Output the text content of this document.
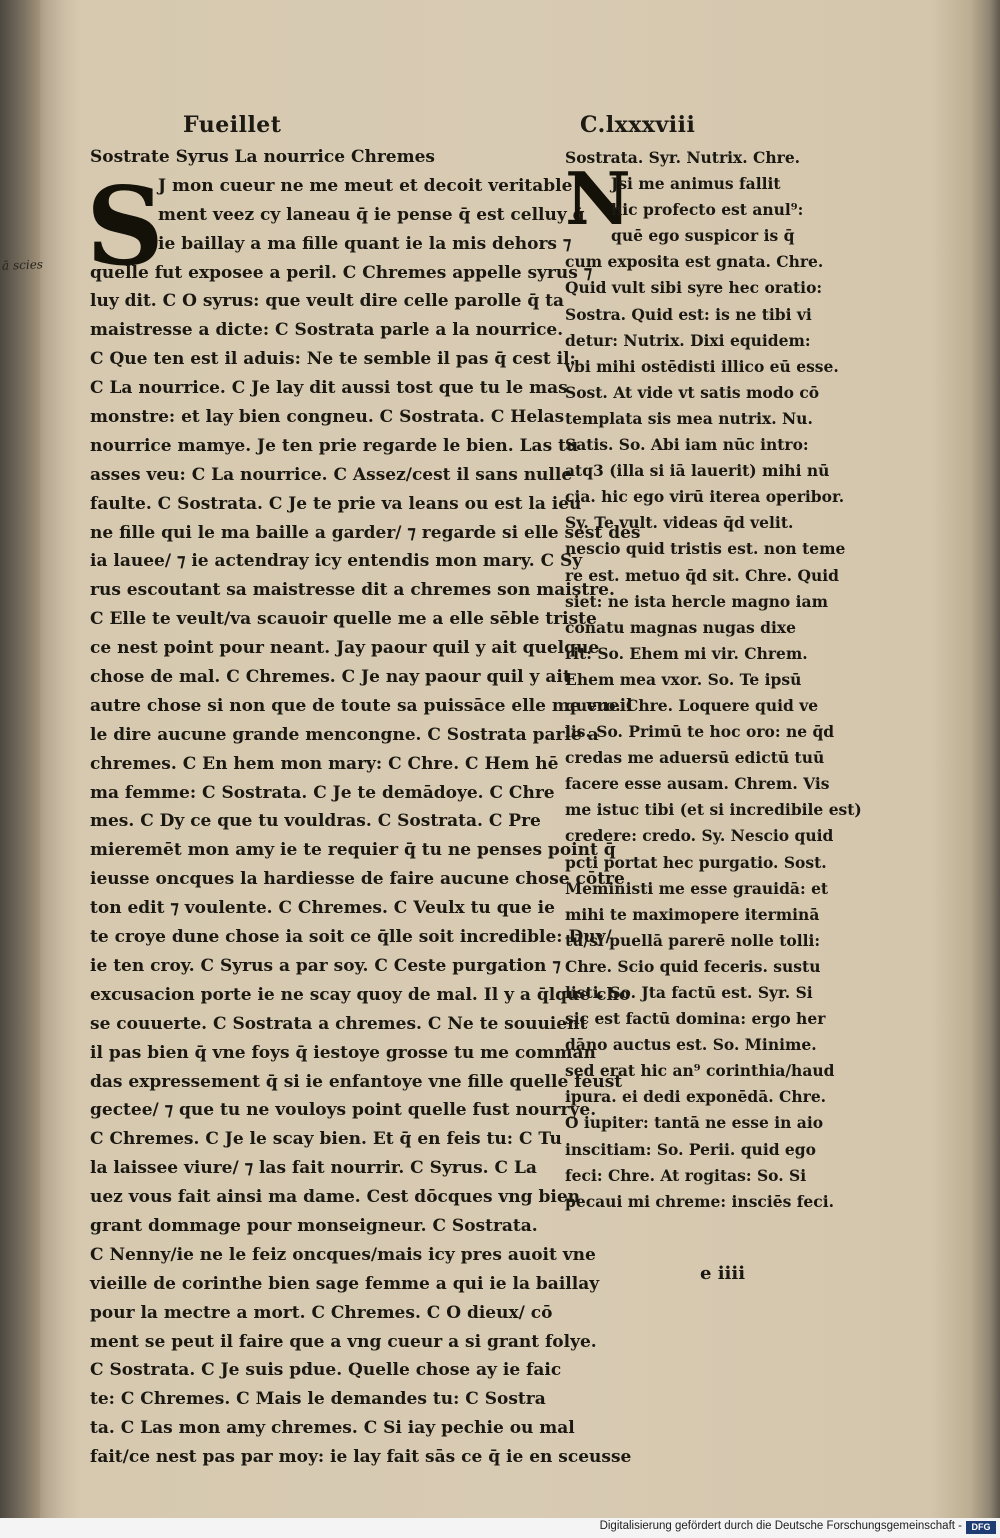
ā scies
Fueillet	C.lxxxviii
S
Sostrate Syrus La nourrice Chremes
J mon cueur ne me meut et decoit veritable
ment veez cy laneau q̄ ie pense q̄ est celluy q̄
ie baillay a ma fille quant ie la mis dehors ⁊
quelle fut exposee a peril. C Chremes appelle syrus ⁊
luy dit. C O syrus: que veult dire celle parolle q̄ ta
maistresse a dicte: C Sostrata parle a la nourrice.
C Que ten est il aduis: Ne te semble il pas q̄ cest il:
C La nourrice. C Je lay dit aussi tost que tu le mas
monstre: et lay bien congneu. C Sostrata. C Helas
nourrice mamye. Je ten prie regarde le bien. Las tu
asses veu: C La nourrice. C Assez/cest il sans nulle
faulte. C Sostrata. C Je te prie va leans ou est la ieu
ne fille qui le ma baille a garder/ ⁊ regarde si elle sest des
ia lauee/ ⁊ ie actendray icy entendis mon mary. C Sy
rus escoutant sa maistresse dit a chremes son maistre.
C Elle te veult/va scauoir quelle me a elle sēble triste
ce nest point pour neant. Jay paour quil y ait quelque
chose de mal. C Chremes. C Je nay paour quil y ait
autre chose si non que de toute sa puissāce elle me vueil
le dire aucune grande mencongne. C Sostrata parle a
chremes. C En hem mon mary: C Chre. C Hem hē
ma femme: C Sostrata. C Je te demādoye. C Chre
mes. C Dy ce que tu vouldras. C Sostrata. C Pre
mieremēt mon amy ie te requier q̄ tu ne penses point q̄
ieusse oncques la hardiesse de faire aucune chose cōtre
ton edit ⁊ voulente. C Chremes. C Veulx tu que ie
te croye dune chose ia soit ce q̄lle soit incredible: Duy/
ie ten croy. C Syrus a par soy. C Ceste purgation ⁊
excusacion porte ie ne scay quoy de mal. Il y a q̄lque cho
se couuerte. C Sostrata a chremes. C Ne te souuient
il pas bien q̄ vne foys q̄ iestoye grosse tu me comman
das expressement q̄ si ie enfantoye vne fille quelle feust
gectee/ ⁊ que tu ne vouloys point quelle fust nourrye.
C Chremes. C Je le scay bien. Et q̄ en feis tu: C Tu
la laissee viure/ ⁊ las fait nourrir. C Syrus. C La
uez vous fait ainsi ma dame. Cest dōcques vng bien
grant dommage pour monseigneur. C Sostrata.
C Nenny/ie ne le feiz oncques/mais icy pres auoit vne
vieille de corinthe bien sage femme a qui ie la baillay
pour la mectre a mort. C Chremes. C O dieux/ cō
ment se peut il faire que a vng cueur a si grant folye.
C Sostrata. C Je suis pdue. Quelle chose ay ie faic
te: C Chremes. C Mais le demandes tu: C Sostra
ta. C Las mon amy chremes. C Si iay pechie ou mal
fait/ce nest pas par moy: ie lay fait sās ce q̄ ie en sceusse
N
Sostrata. Syr. Nutrix. Chre.
Jsi me animus fallit
hic profecto est anul⁹:
quē ego suspicor is q̄
cum exposita est gnata. Chre.
Quid vult sibi syre hec oratio:
Sostra. Quid est: is ne tibi vi
detur: Nutrix. Dixi equidem:
vbi mihi ostēdisti illico eū esse.
Sost. At vide vt satis modo cō
templata sis mea nutrix. Nu.
Satis. So. Abi iam nūc intro:
atq3 (illa si iā lauerit) mihi nū
cia. hic ego virū iterea operibor.
Sy. Te vult. videas q̄d velit.
nescio quid tristis est. non teme
re est. metuo q̄d sit. Chre. Quid
siet: ne ista hercle magno iam
conatu magnas nugas dixe
rit: So. Ehem mi vir. Chrem.
Ehem mea vxor. So. Te ipsū
quero. Chre. Loquere quid ve
lis. So. Primū te hoc oro: ne q̄d
credas me aduersū edictū tuū
facere esse ausam. Chrem. Vis
me istuc tibi (et si incredibile est)
credere: credo. Sy. Nescio quid
pcti portat hec purgatio. Sost.
Meministi me esse grauidā: et
mihi te maximopere iterminā
tū/si puellā parerē nolle tolli:
Chre. Scio quid feceris. sustu
listi. So. Jta factū est. Syr. Si
sic est factū domina: ergo her
dāno auctus est. So. Minime.
sed erat hic an⁹ corinthia/haud
ipura. ei dedi exponēdā. Chre.
O iupiter: tantā ne esse in aio
inscitiam: So. Perii. quid ego
feci: Chre. At rogitas: So. Si
pecaui mi chreme: insciēs feci.
e iiii
Digitalisierung gefördert durch die Deutsche Forschungsgemeinschaft -	DFG
